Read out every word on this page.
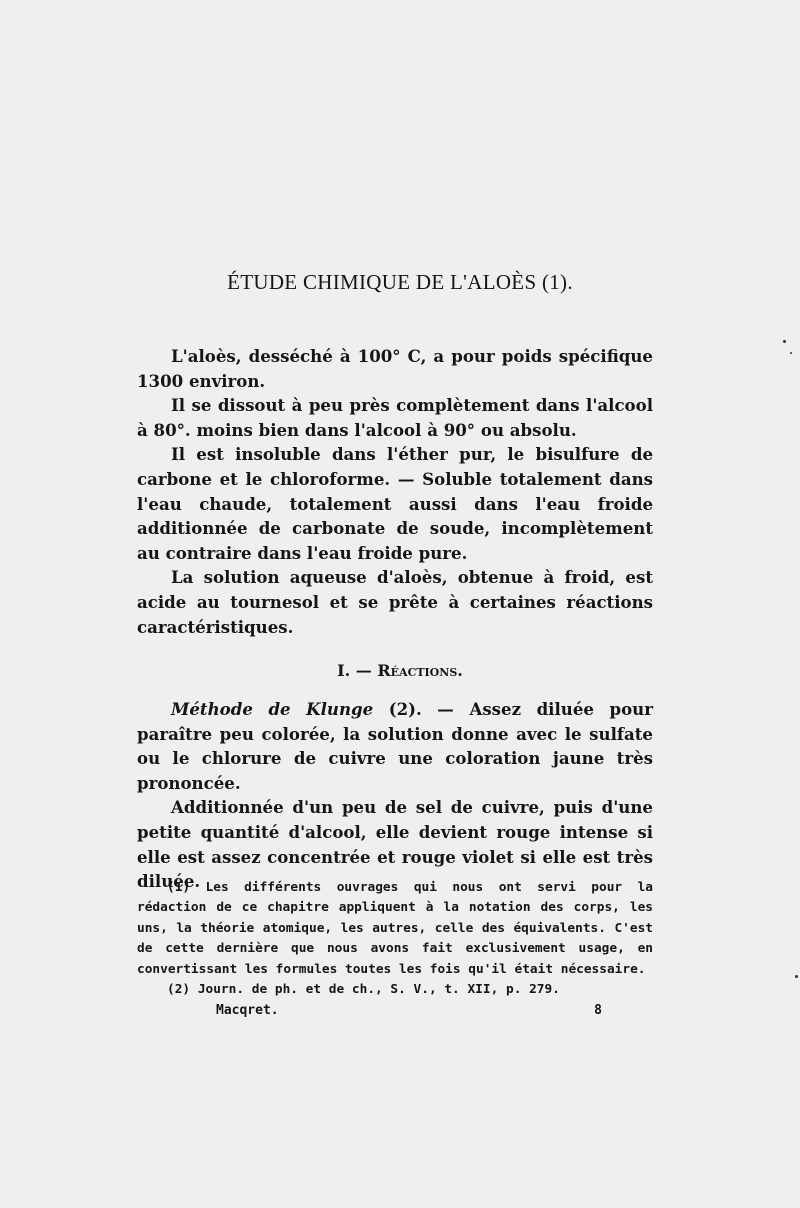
ÉTUDE CHIMIQUE DE L'ALOÈS (1).

L'aloès, desséché à 100° C, a pour poids spécifique 1300 environ.

Il se dissout à peu près complètement dans l'alcool à 80°. moins bien dans l'alcool à 90° ou absolu.

Il est insoluble dans l'éther pur, le bisulfure de carbone et le chloroforme. — Soluble totalement dans l'eau chaude, totalement aussi dans l'eau froide additionnée de carbonate de soude, incomplètement au contraire dans l'eau froide pure.

La solution aqueuse d'aloès, obtenue à froid, est acide au tournesol et se prête à certaines réactions caractéristiques.

I. — Réactions.

Méthode de Klunge (2). — Assez diluée pour paraître peu colorée, la solution donne avec le sulfate ou le chlorure de cuivre une coloration jaune très prononcée.

Additionnée d'un peu de sel de cuivre, puis d'une petite quantité d'alcool, elle devient rouge intense si elle est assez concentrée et rouge violet si elle est très diluée.

(1) Les différents ouvrages qui nous ont servi pour la rédaction de ce chapitre appliquent à la notation des corps, les uns, la théorie atomique, les autres, celle des équivalents. C'est de cette dernière que nous avons fait exclusivement usage, en convertissant les formules toutes les fois qu'il était nécessaire.

(2) Journ. de ph. et de ch., S. V., t. XII, p. 279.

Macqret.	8
